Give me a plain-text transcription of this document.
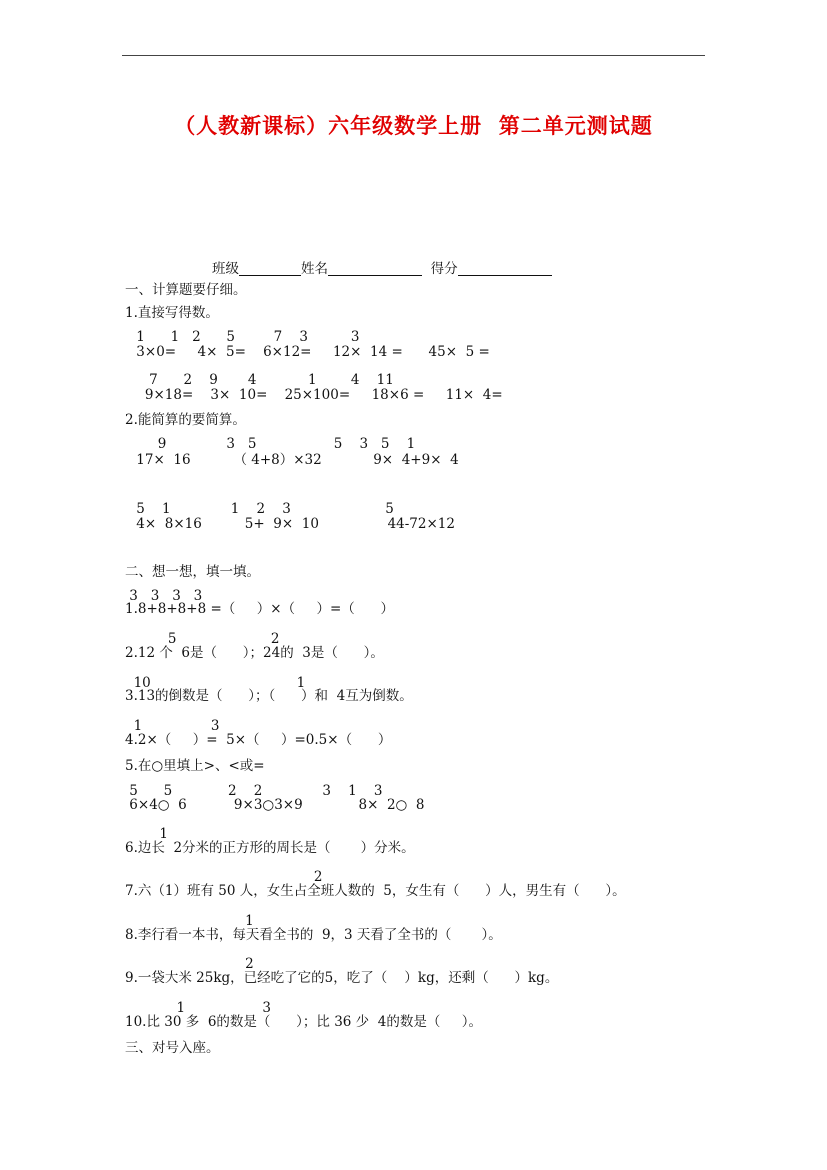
（人教新课标）六年级数学上册  第二单元测试题
班级	姓名	得分
一、计算题要仔细。
1.直接写得数。
1      1   2      5         7    3          3
3×0=     4×  5=    6×12=     12×  14 =      45×  5 =
7      2    9       4            1        4    11
9×18=    3×  10=    25×100=     18×6 =     11×  4=
2.能简算的要简算。
9              3   5                  5    3   5    1
17×  16          （ 4+8）×32            9×  4+9×  4
5    1              1    2    3                      5
4×  8×16          5+  9×  10                44-72×12
二、想一想，填一填。
3   3   3   3
1.8+8+8+8 =（     ）×（     ）=（      ）
5                      2
2.12 个  6是（      ）；24的  3是（      ）。
10                                  1
3.13的倒数是（      ）；（      ）和  4互为倒数。
1                3
4.2×（     ）=  5×（     ）=0.5×（      ）
5.在○里填上>、<或=
5      5             2    2              3    1    3
6×4○  6           9×3○3×9             8×  2○  8
1
6.边长  2分米的正方形的周长是（       ）分米。
2
7.六（1）班有 50 人，女生占全班人数的  5，女生有（      ）人，男生有（      ）。
1
8.李行看一本书，每天看全书的  9，3 天看了全书的（       ）。
2
9.一袋大米 25kg，已经吃了它的5，吃了（    ）kg，还剩（      ）kg。
1                  3
10.比 30 多  6的数是（      ）；比 36 少  4的数是（     ）。
三、对号入座。
